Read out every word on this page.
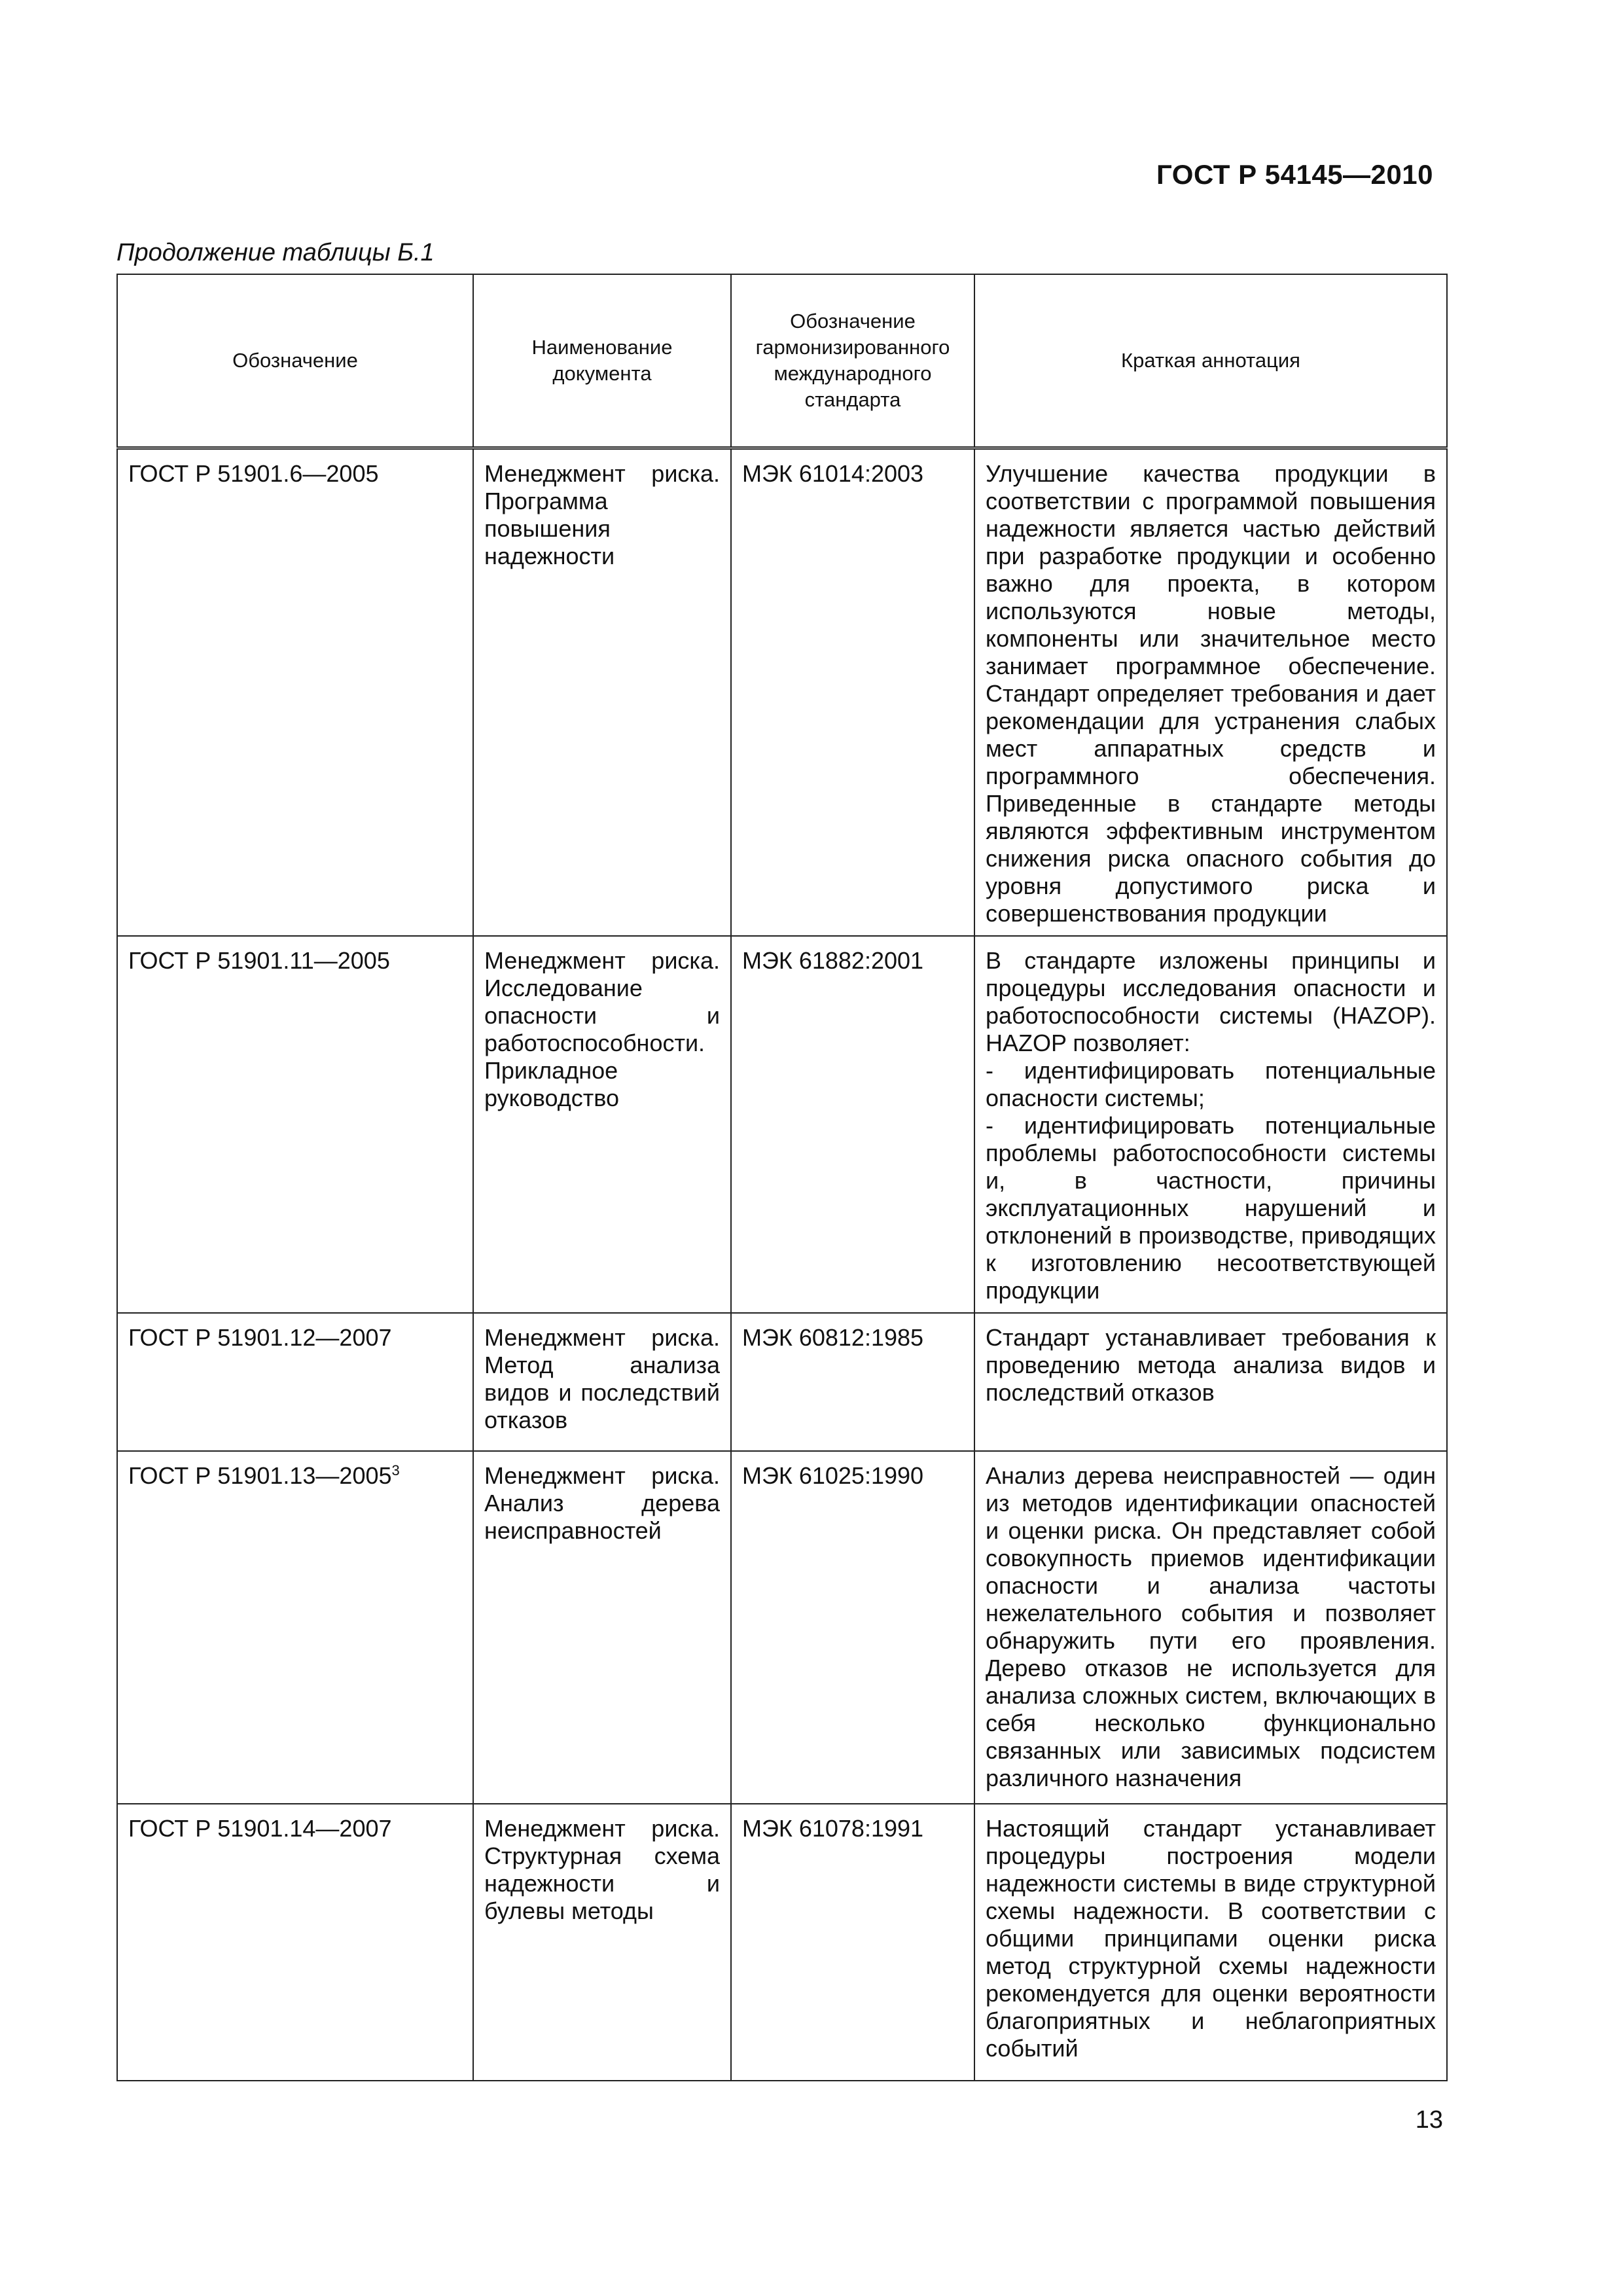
ГОСТ Р 54145—2010
Продолжение таблицы Б.1
Обозначение	Наименование документа	Обозначение гармонизированного международного стандарта	Краткая аннотация
ГОСТ Р 51901.6—2005	Менеджмент риска. Программа повышения надежности	МЭК 61014:2003	Улучшение качества продукции в соответствии с программой повышения надежности является частью действий при разработке продукции и особенно важно для проекта, в котором используются новые методы, компоненты или значительное место занимает программное обеспечение. Стандарт определяет требования и дает рекомендации для устранения слабых мест аппаратных средств и программного обеспечения. Приведенные в стандарте методы являются эффективным инструментом снижения риска опасного события до уровня допустимого риска и совершенствования продукции
ГОСТ Р 51901.11—2005	Менеджмент риска. Исследование опасности и работоспособности. Прикладное руководство	МЭК 61882:2001	В стандарте изложены принципы и процедуры исследования опасности и работоспособности системы (HAZOP). HAZOP позволяет:
- идентифицировать потенциальные опасности системы;
- идентифицировать потенциальные проблемы работоспособности системы и, в частности, причины эксплуатационных нарушений и отклонений в производстве, приводящих к изготовлению несоответствующей продукции
ГОСТ Р 51901.12—2007	Менеджмент риска. Метод анализа видов и последствий отказов	МЭК 60812:1985	Стандарт устанавливает требования к проведению метода анализа видов и последствий отказов
ГОСТ Р 51901.13—2005$^3$	Менеджмент риска. Анализ дерева неисправностей	МЭК 61025:1990	Анализ дерева неисправностей — один из методов идентификации опасностей и оценки риска. Он представляет собой совокупность приемов идентификации опасности и анализа частоты нежелательного события и позволяет обнаружить пути его проявления. Дерево отказов не используется для анализа сложных систем, включающих в себя несколько функционально связанных или зависимых подсистем различного назначения
ГОСТ Р 51901.14—2007	Менеджмент риска. Структурная схема надежности и булевы методы	МЭК 61078:1991	Настоящий стандарт устанавливает процедуры построения модели надежности системы в виде структурной схемы надежности. В соответствии с общими принципами оценки риска метод структурной схемы надежности рекомендуется для оценки вероятности благоприятных и неблагоприятных событий
13
